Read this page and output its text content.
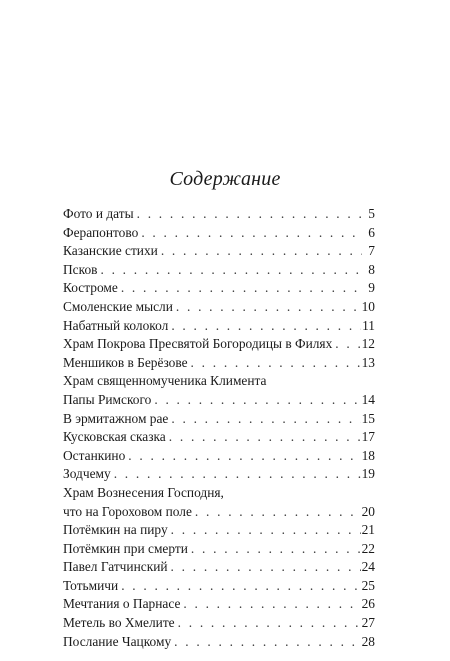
Содержание
Фото и даты . . .	5
Ферапонтово . . .	6
Казанские стихи . . .	7
Псков . . .	8
Костроме . . .	9
Смоленские мысли . . .	10
Набатный колокол . . .	11
Храм Покрова Пресвятой Богородицы в Филях . . . 12
Меншиков в Берёзове . . .	13
Храм священномученика Климента
Папы Римского . . .	14
В эрмитажном рае . . .	15
Кусковская сказка . . .	17
Останкино . . .	18
Зодчему . . .	19
Храм Вознесения Господня,
что на Гороховом поле . . .	20
Потёмкин на пиру . . .	21
Потёмкин при смерти . . .	22
Павел Гатчинский . . .	24
Тотьмичи . . .	25
Мечтания о Парнасе . . .	26
Метель во Хмелите . . .	27
Послание Чацкому . . .	28
